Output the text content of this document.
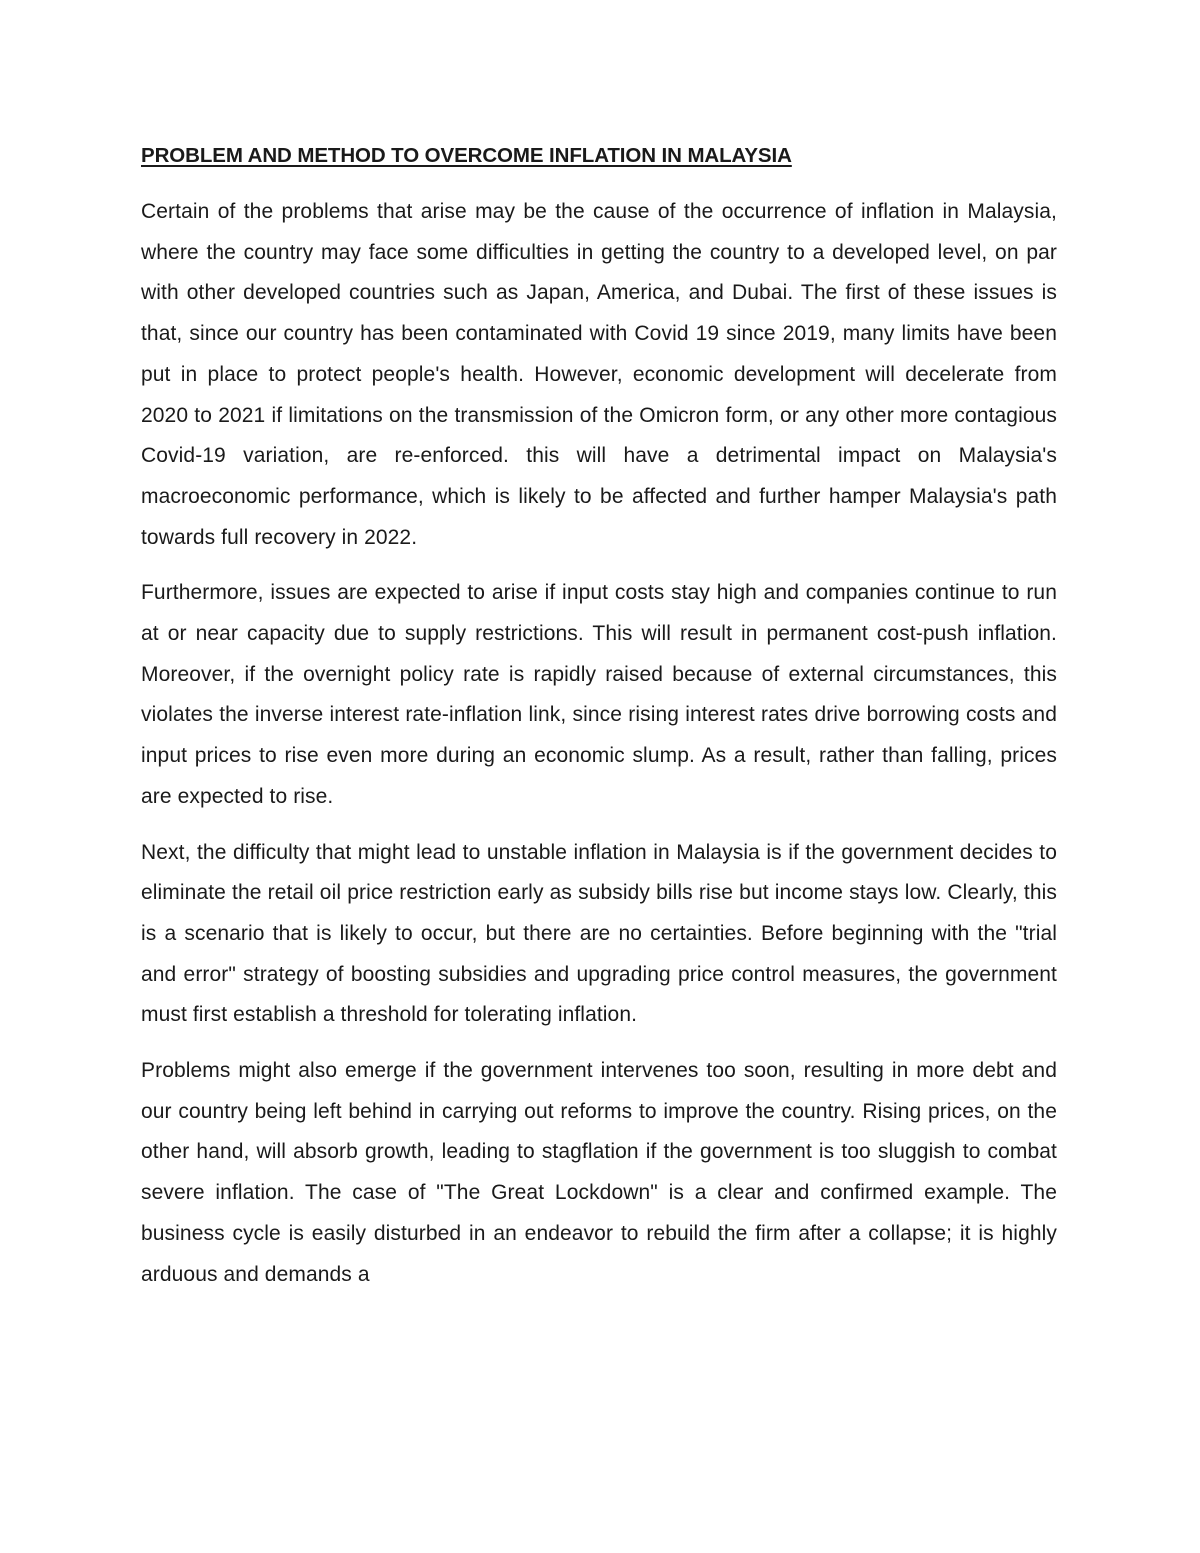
PROBLEM AND METHOD TO OVERCOME INFLATION IN MALAYSIA

Certain of the problems that arise may be the cause of the occurrence of inflation in Malaysia, where the country may face some difficulties in getting the country to a developed level, on par with other developed countries such as Japan, America, and Dubai. The first of these issues is that, since our country has been contaminated with Covid 19 since 2019, many limits have been put in place to protect people's health. However, economic development will decelerate from 2020 to 2021 if limitations on the transmission of the Omicron form, or any other more contagious Covid-19 variation, are re-enforced. this will have a detrimental impact on Malaysia's macroeconomic performance, which is likely to be affected and further hamper Malaysia's path towards full recovery in 2022.

Furthermore, issues are expected to arise if input costs stay high and companies continue to run at or near capacity due to supply restrictions. This will result in permanent cost-push inflation. Moreover, if the overnight policy rate is rapidly raised because of external circumstances, this violates the inverse interest rate-inflation link, since rising interest rates drive borrowing costs and input prices to rise even more during an economic slump. As a result, rather than falling, prices are expected to rise.

Next, the difficulty that might lead to unstable inflation in Malaysia is if the government decides to eliminate the retail oil price restriction early as subsidy bills rise but income stays low. Clearly, this is a scenario that is likely to occur, but there are no certainties. Before beginning with the "trial and error" strategy of boosting subsidies and upgrading price control measures, the government must first establish a threshold for tolerating inflation.

Problems might also emerge if the government intervenes too soon, resulting in more debt and our country being left behind in carrying out reforms to improve the country. Rising prices, on the other hand, will absorb growth, leading to stagflation if the government is too sluggish to combat severe inflation. The case of "The Great Lockdown" is a clear and confirmed example. The business cycle is easily disturbed in an endeavor to rebuild the firm after a collapse; it is highly arduous and demands a
